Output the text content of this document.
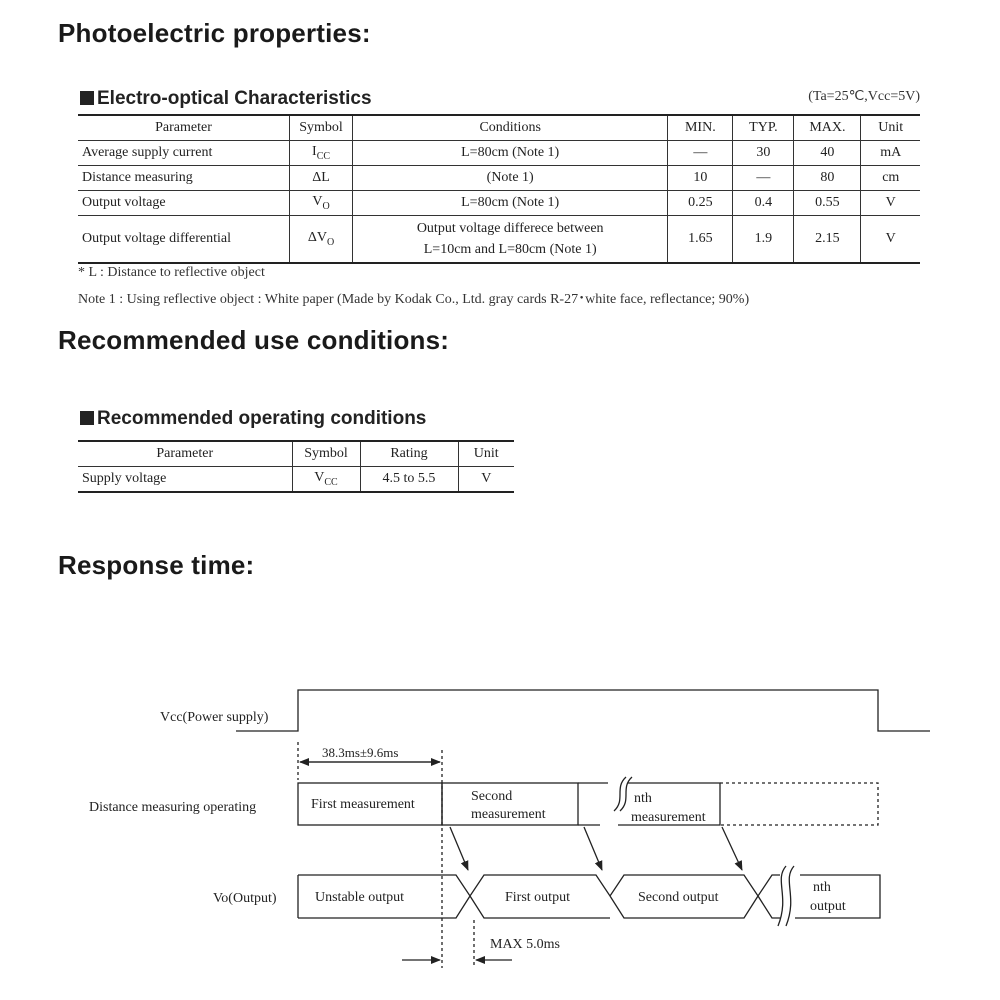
Photoelectric properties:
Electro-optical Characteristics	(Ta=25℃,Vcc=5V)
Parameter	Symbol	Conditions	MIN.	TYP.	MAX.	Unit
Average supply current	$I_{CC}$	L=80cm (Note 1)	—	30	40	mA
Distance measuring	ΔL	(Note 1)	10	—	80	cm
Output voltage	$V_O$	L=80cm (Note 1)	0.25	0.4	0.55	V
Output voltage differential	$\Delta V_O$	Output voltage differece between
L=10cm and L=80cm (Note 1)	1.65	1.9	2.15	V
* L : Distance to reflective object
Note 1 : Using reflective object : White paper (Made by Kodak Co., Ltd. gray cards R-27･white face, reflectance; 90%)
Recommended use conditions:
Recommended operating conditions
Parameter	Symbol	Rating	Unit
Supply voltage	$V_{CC}$	4.5 to 5.5	V
Response time:
Vcc(Power supply)
Distance measuring operating
Vo(Output)
38.3ms±9.6ms
First measurement
Second
measurement
nth
measurement
Unstable output	First output	Second output
nth
output
MAX 5.0ms
